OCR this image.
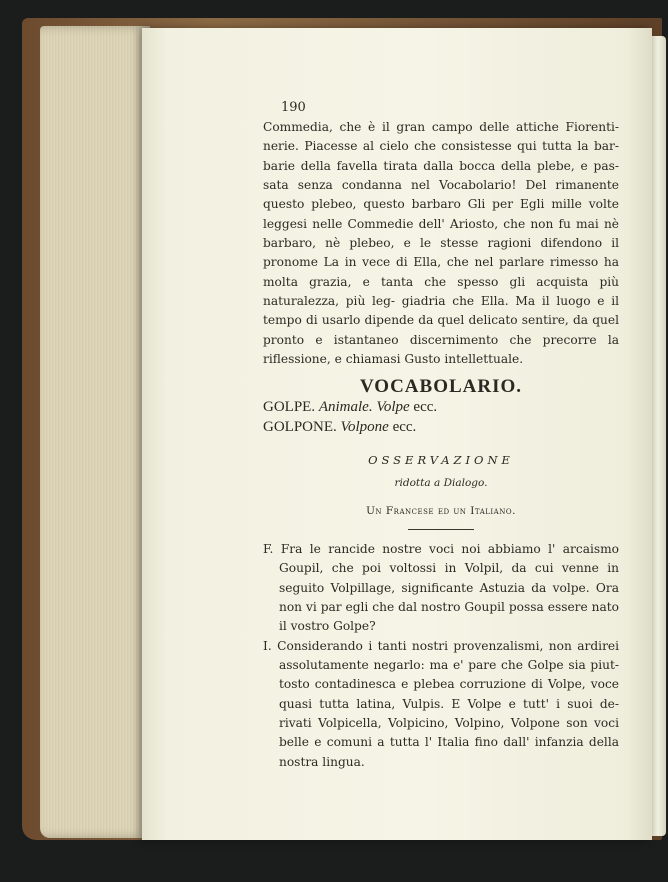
190

Commedia, che è il gran campo delle attiche Fiorenti- nerie. Piacesse al cielo che consistesse qui tutta la bar- barie della favella tirata dalla bocca della plebe, e pas- sata senza condanna nel Vocabolario! Del rimanente questo plebeo, questo barbaro Gli per Egli mille volte leggesi nelle Commedie dell' Ariosto, che non fu mai nè barbaro, nè plebeo, e le stesse ragioni difendono il pronome La in vece di Ella, che nel parlare rimesso ha molta grazia, e tanta che spesso gli acquista più naturalezza, più leg- giadria che Ella. Ma il luogo e il tempo di usarlo dipende da quel delicato sentire, da quel pronto e istantaneo discernimento che precorre la riflessione, e chiamasi Gusto intellettuale.

VOCABOLARIO.

GOLPE. Animale. Volpe ecc.

GOLPONE. Volpone ecc.

OSSERVAZIONE

ridotta a Dialogo.

Un Francese ed un Italiano.

F. Fra le rancide nostre voci noi abbiamo l' arcaismo Goupil, che poi voltossi in Volpil, da cui venne in seguito Volpillage, significante Astuzia da volpe. Ora non vi par egli che dal nostro Goupil possa essere nato il vostro Golpe?

I. Considerando i tanti nostri provenzalismi, non ardirei assolutamente negarlo: ma e' pare che Golpe sia piut- tosto contadinesca e plebea corruzione di Volpe, voce quasi tutta latina, Vulpis. E Volpe e tutt' i suoi de- rivati Volpicella, Volpicino, Volpino, Volpone son voci belle e comuni a tutta l' Italia fino dall' infanzia della nostra lingua.
